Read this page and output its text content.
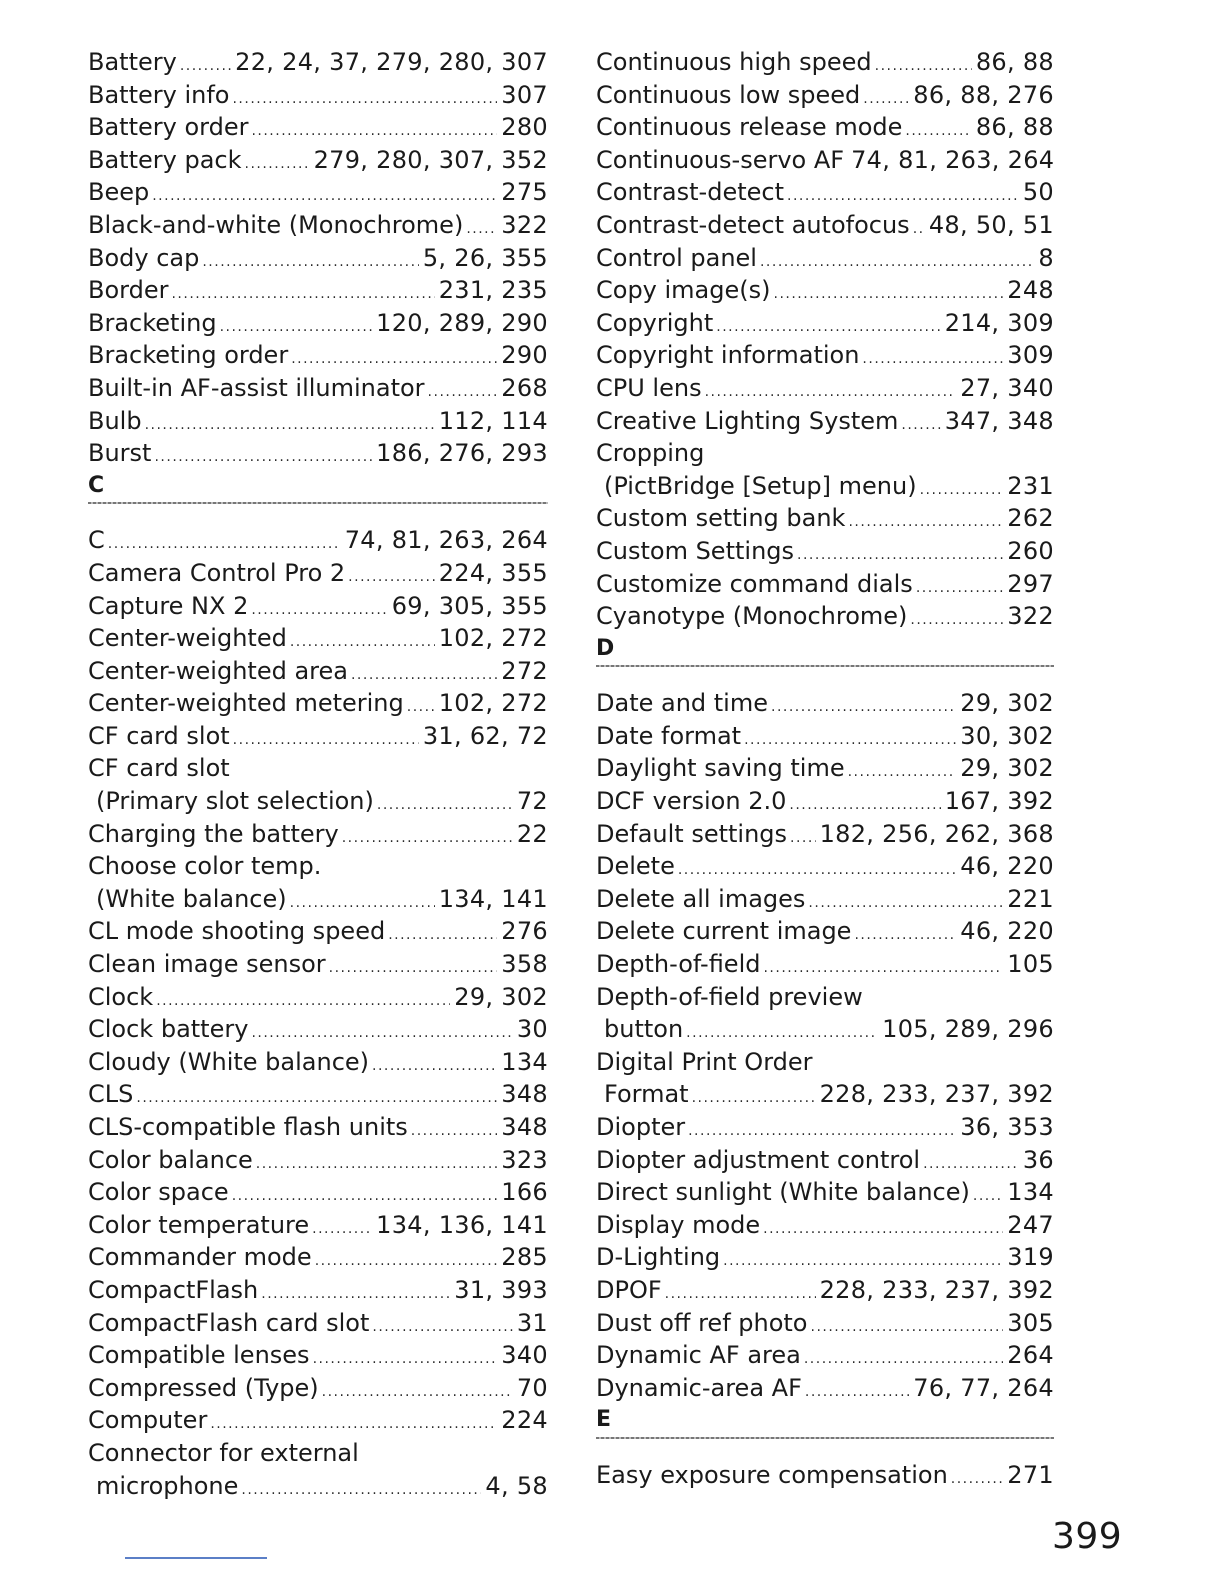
Battery ..... 22, 24, 37, 279, 280, 307
Battery info .....	307
Battery order .....	280
Battery pack .....	279, 280, 307, 352
Beep .....	275
Black-and-white (Monochrome) ..... 322
Body cap .....	5, 26, 355
Border .....	231, 235
Bracketing .....	120, 289, 290
Bracketing order .....	290
Built-in AF-assist illuminator .....	268
Bulb .....	112, 114
Burst .....	186, 276, 293
C
C .....	74, 81, 263, 264
Camera Control Pro 2 .....	224, 355
Capture NX 2 .....	69, 305, 355
Center-weighted .....	102, 272
Center-weighted area .....	272
Center-weighted metering ..... 102, 272
CF card slot .....	31, 62, 72
CF card slot
(Primary slot selection) .....	72
Charging the battery .....	22
Choose color temp.
(White balance) .....	134, 141
CL mode shooting speed .....	276
Clean image sensor .....	358
Clock .....	29, 302
Clock battery .....	30
Cloudy (White balance) .....	134
CLS .....	348
CLS-compatible flash units .....	348
Color balance .....	323
Color space .....	166
Color temperature .....	134, 136, 141
Commander mode .....	285
CompactFlash .....	31, 393
CompactFlash card slot .....	31
Compatible lenses .....	340
Compressed (Type) .....	70
Computer .....	224
Connector for external
microphone .....	4, 58
Continuous high speed .....	86, 88
Continuous low speed ..... 86, 88, 276
Continuous release mode .....	86, 88
Continuous-servo AF 74, 81, 263, 264
Contrast-detect .....	50
Contrast-detect autofocus ..... 48, 50, 51
Control panel .....	8
Copy image(s) .....	248
Copyright .....	214, 309
Copyright information .....	309
CPU lens .....	27, 340
Creative Lighting System ..... 347, 348
Cropping
(PictBridge [Setup] menu) .....	231
Custom setting bank .....	262
Custom Settings .....	260
Customize command dials .....	297
Cyanotype (Monochrome) .....	322
D
Date and time .....	29, 302
Date format .....	30, 302
Daylight saving time .....	29, 302
DCF version 2.0 .....	167, 392
Default settings ..... 182, 256, 262, 368
Delete .....	46, 220
Delete all images .....	221
Delete current image .....	46, 220
Depth-of-field .....	105
Depth-of-field preview
button .....	105, 289, 296
Digital Print Order
Format .....	228, 233, 237, 392
Diopter .....	36, 353
Diopter adjustment control .....	36
Direct sunlight (White balance) ..... 134
Display mode .....	247
D-Lighting .....	319
DPOF .....	228, 233, 237, 392
Dust off ref photo .....	305
Dynamic AF area .....	264
Dynamic-area AF .....	76, 77, 264
E
Easy exposure compensation ..... 271
399
